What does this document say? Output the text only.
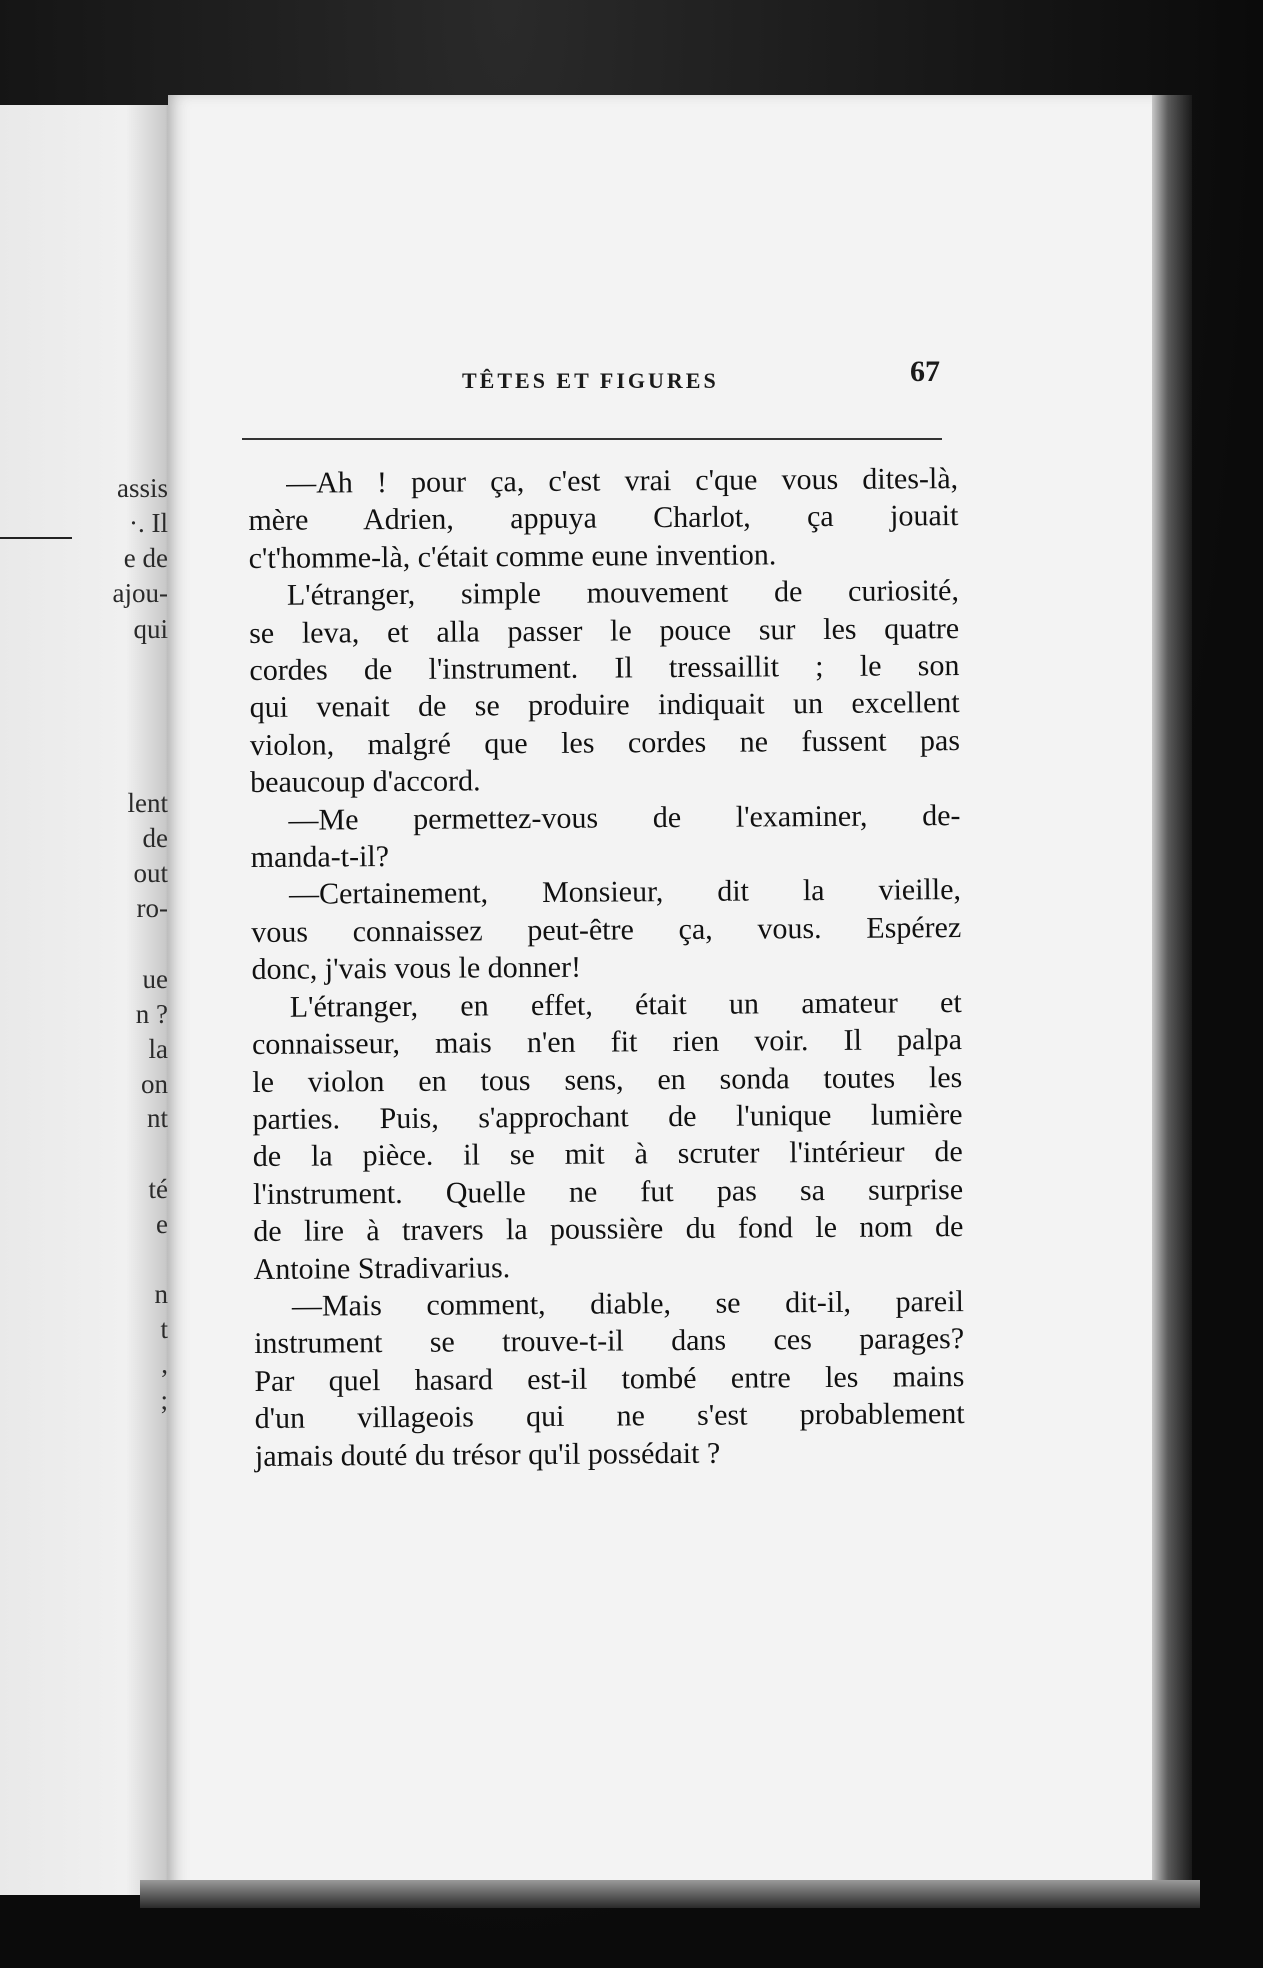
assis
·. Il
e de
ajou-
qui
lent
de
out
ro-
ue
n ?
la
on
nt
té
e
n
t
,
;
TÊTES ET FIGURES	67
—Ah ! pour ça, c'est vrai c'que vous dites-là,
mère Adrien, appuya Charlot, ça jouait
c't'homme-là, c'était comme eune invention.
L'étranger, simple mouvement de curiosité,
se leva, et alla passer le pouce sur les quatre
cordes de l'instrument. Il tressaillit ; le son
qui venait de se produire indiquait un excellent
violon, malgré que les cordes ne fussent pas
beaucoup d'accord.
—Me permettez-vous de l'examiner, de-
manda-t-il?
—Certainement, Monsieur, dit la vieille,
vous connaissez peut-être ça, vous. Espérez
donc, j'vais vous le donner!
L'étranger, en effet, était un amateur et
connaisseur, mais n'en fit rien voir. Il palpa
le violon en tous sens, en sonda toutes les
parties. Puis, s'approchant de l'unique lumière
de la pièce. il se mit à scruter l'intérieur de
l'instrument. Quelle ne fut pas sa surprise
de lire à travers la poussière du fond le nom de
Antoine Stradivarius.
—Mais comment, diable, se dit-il, pareil
instrument se trouve-t-il dans ces parages?
Par quel hasard est-il tombé entre les mains
d'un villageois qui ne s'est probablement
jamais douté du trésor qu'il possédait ?
